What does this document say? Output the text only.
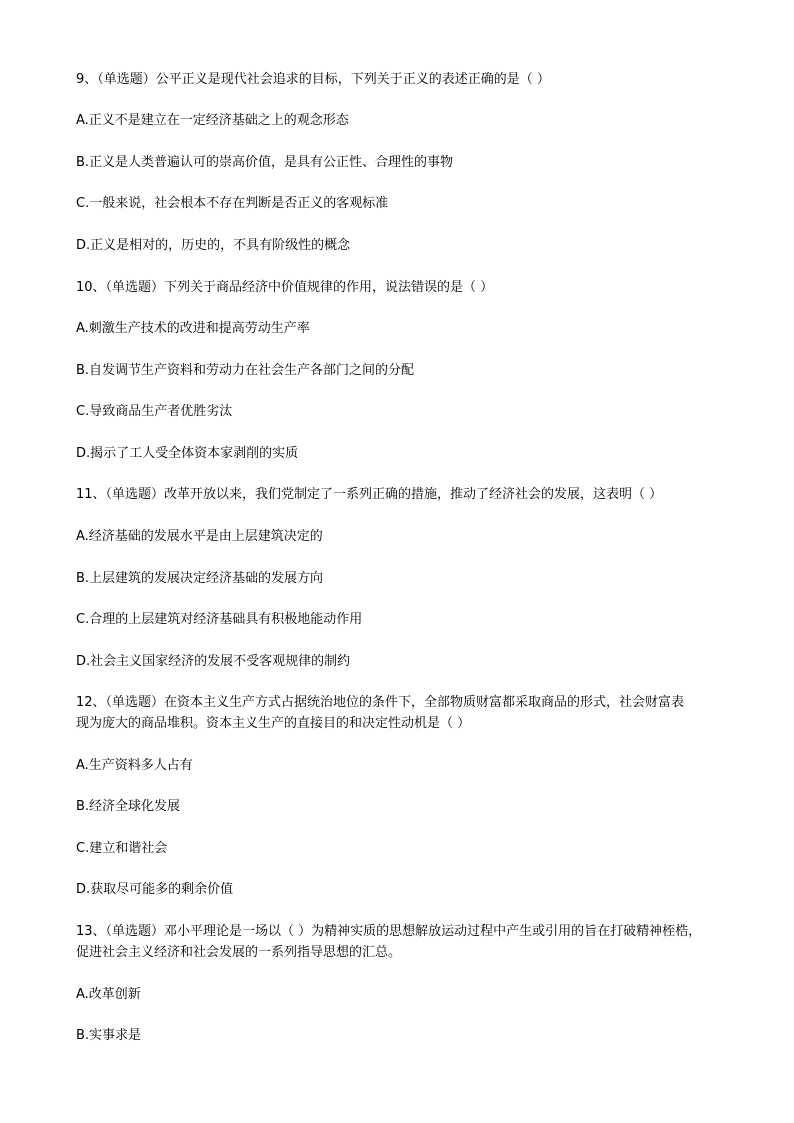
9、（单选题）公平正义是现代社会追求的目标，下列关于正义的表述正确的是（ ）
A.正义不是建立在一定经济基础之上的观念形态
B.正义是人类普遍认可的崇高价值，是具有公正性、合理性的事物
C.一般来说，社会根本不存在判断是否正义的客观标准
D.正义是相对的，历史的，不具有阶级性的概念
10、（单选题）下列关于商品经济中价值规律的作用，说法错误的是（ ）
A.刺激生产技术的改进和提高劳动生产率
B.自发调节生产资料和劳动力在社会生产各部门之间的分配
C.导致商品生产者优胜劣汰
D.揭示了工人受全体资本家剥削的实质
11、（单选题）改革开放以来，我们党制定了一系列正确的措施，推动了经济社会的发展，这表明（ ）
A.经济基础的发展水平是由上层建筑决定的
B.上层建筑的发展决定经济基础的发展方向
C.合理的上层建筑对经济基础具有积极地能动作用
D.社会主义国家经济的发展不受客观规律的制约
12、（单选题）在资本主义生产方式占据统治地位的条件下，全部物质财富都采取商品的形式，社会财富表
现为庞大的商品堆积。资本主义生产的直接目的和决定性动机是（ ）
A.生产资料多人占有
B.经济全球化发展
C.建立和谐社会
D.获取尽可能多的剩余价值
13、（单选题）邓小平理论是一场以（ ）为精神实质的思想解放运动过程中产生或引用的旨在打破精神桎梏，
促进社会主义经济和社会发展的一系列指导思想的汇总。
A.改革创新
B.实事求是
